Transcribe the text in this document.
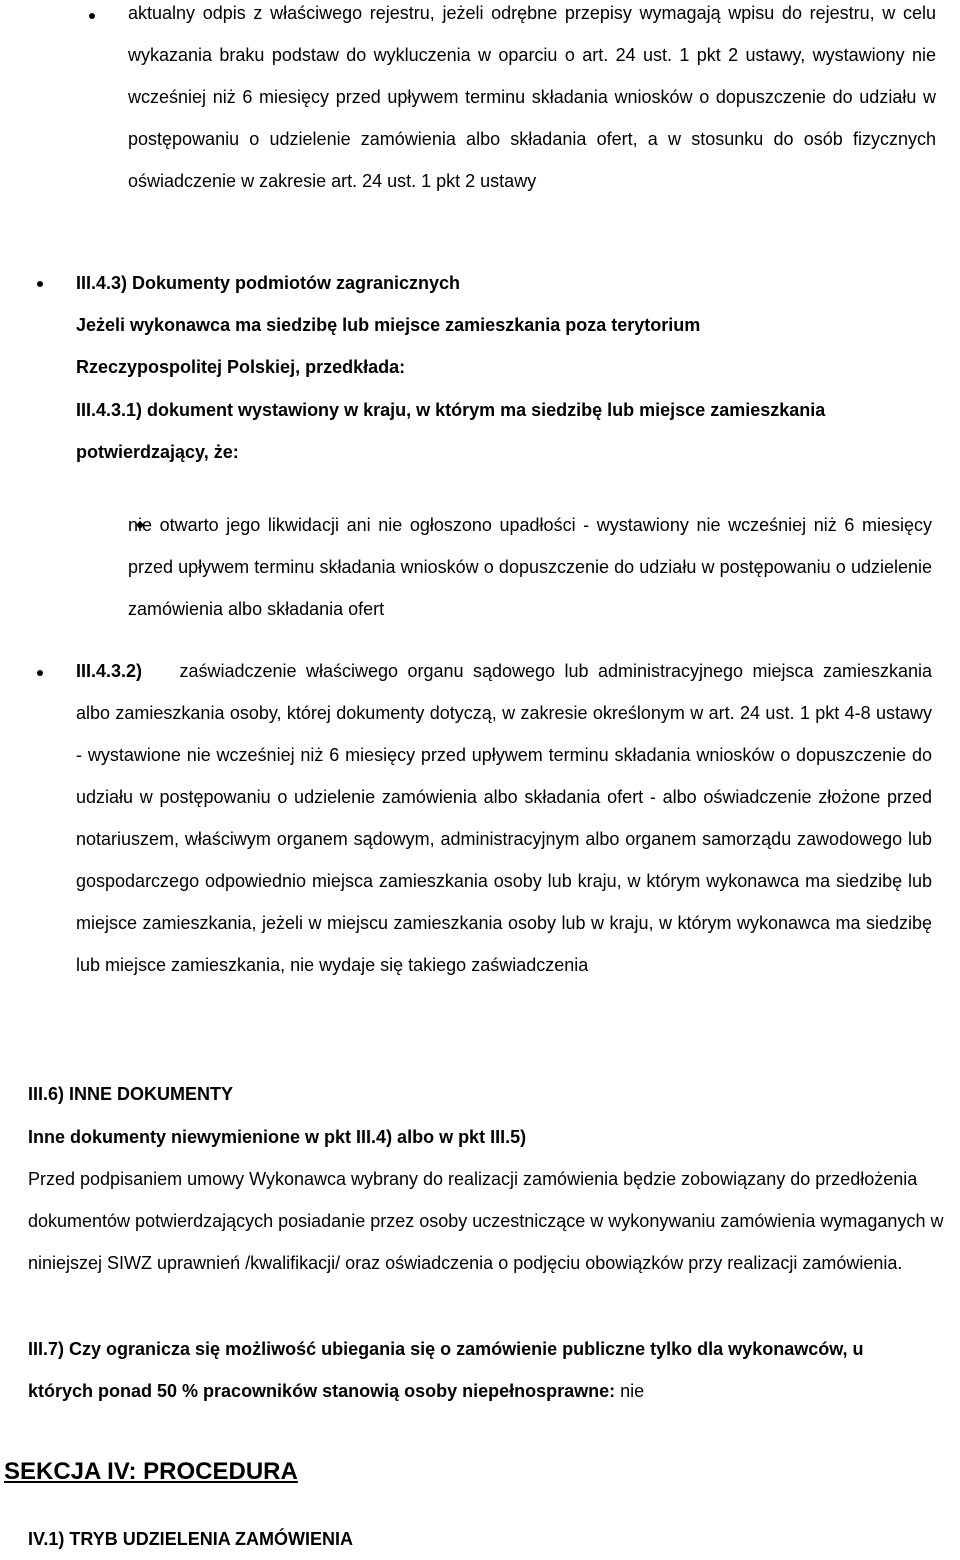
aktualny odpis z właściwego rejestru, jeżeli odrębne przepisy wymagają wpisu do rejestru, w celu wykazania braku podstaw do wykluczenia w oparciu o art. 24 ust. 1 pkt 2 ustawy, wystawiony nie wcześniej niż 6 miesięcy przed upływem terminu składania wniosków o dopuszczenie do udziału w postępowaniu o udzielenie zamówienia albo składania ofert, a w stosunku do osób fizycznych oświadczenie w zakresie art. 24 ust. 1 pkt 2 ustawy
III.4.3) Dokumenty podmiotów zagranicznych
Jeżeli wykonawca ma siedzibę lub miejsce zamieszkania poza terytorium Rzeczypospolitej Polskiej, przedkłada:
III.4.3.1) dokument wystawiony w kraju, w którym ma siedzibę lub miejsce zamieszkania potwierdzający, że:
nie otwarto jego likwidacji ani nie ogłoszono upadłości - wystawiony nie wcześniej niż 6 miesięcy przed upływem terminu składania wniosków o dopuszczenie do udziału w postępowaniu o udzielenie zamówienia albo składania ofert
III.4.3.2) zaświadczenie właściwego organu sądowego lub administracyjnego miejsca zamieszkania albo zamieszkania osoby, której dokumenty dotyczą, w zakresie określonym w art. 24 ust. 1 pkt 4-8 ustawy - wystawione nie wcześniej niż 6 miesięcy przed upływem terminu składania wniosków o dopuszczenie do udziału w postępowaniu o udzielenie zamówienia albo składania ofert - albo oświadczenie złożone przed notariuszem, właściwym organem sądowym, administracyjnym albo organem samorządu zawodowego lub gospodarczego odpowiednio miejsca zamieszkania osoby lub kraju, w którym wykonawca ma siedzibę lub miejsce zamieszkania, jeżeli w miejscu zamieszkania osoby lub w kraju, w którym wykonawca ma siedzibę lub miejsce zamieszkania, nie wydaje się takiego zaświadczenia
III.6) INNE DOKUMENTY
Inne dokumenty niewymienione w pkt III.4) albo w pkt III.5)
Przed podpisaniem umowy Wykonawca wybrany do realizacji zamówienia będzie zobowiązany do przedłożenia dokumentów potwierdzających posiadanie przez osoby uczestniczące w wykonywaniu zamówienia wymaganych w niniejszej SIWZ uprawnień /kwalifikacji/ oraz oświadczenia o podjęciu obowiązków przy realizacji zamówienia.
III.7) Czy ogranicza się możliwość ubiegania się o zamówienie publiczne tylko dla wykonawców, u których ponad 50 % pracowników stanowią osoby niepełnosprawne: nie
SEKCJA IV: PROCEDURA
IV.1) TRYB UDZIELENIA ZAMÓWIENIA
